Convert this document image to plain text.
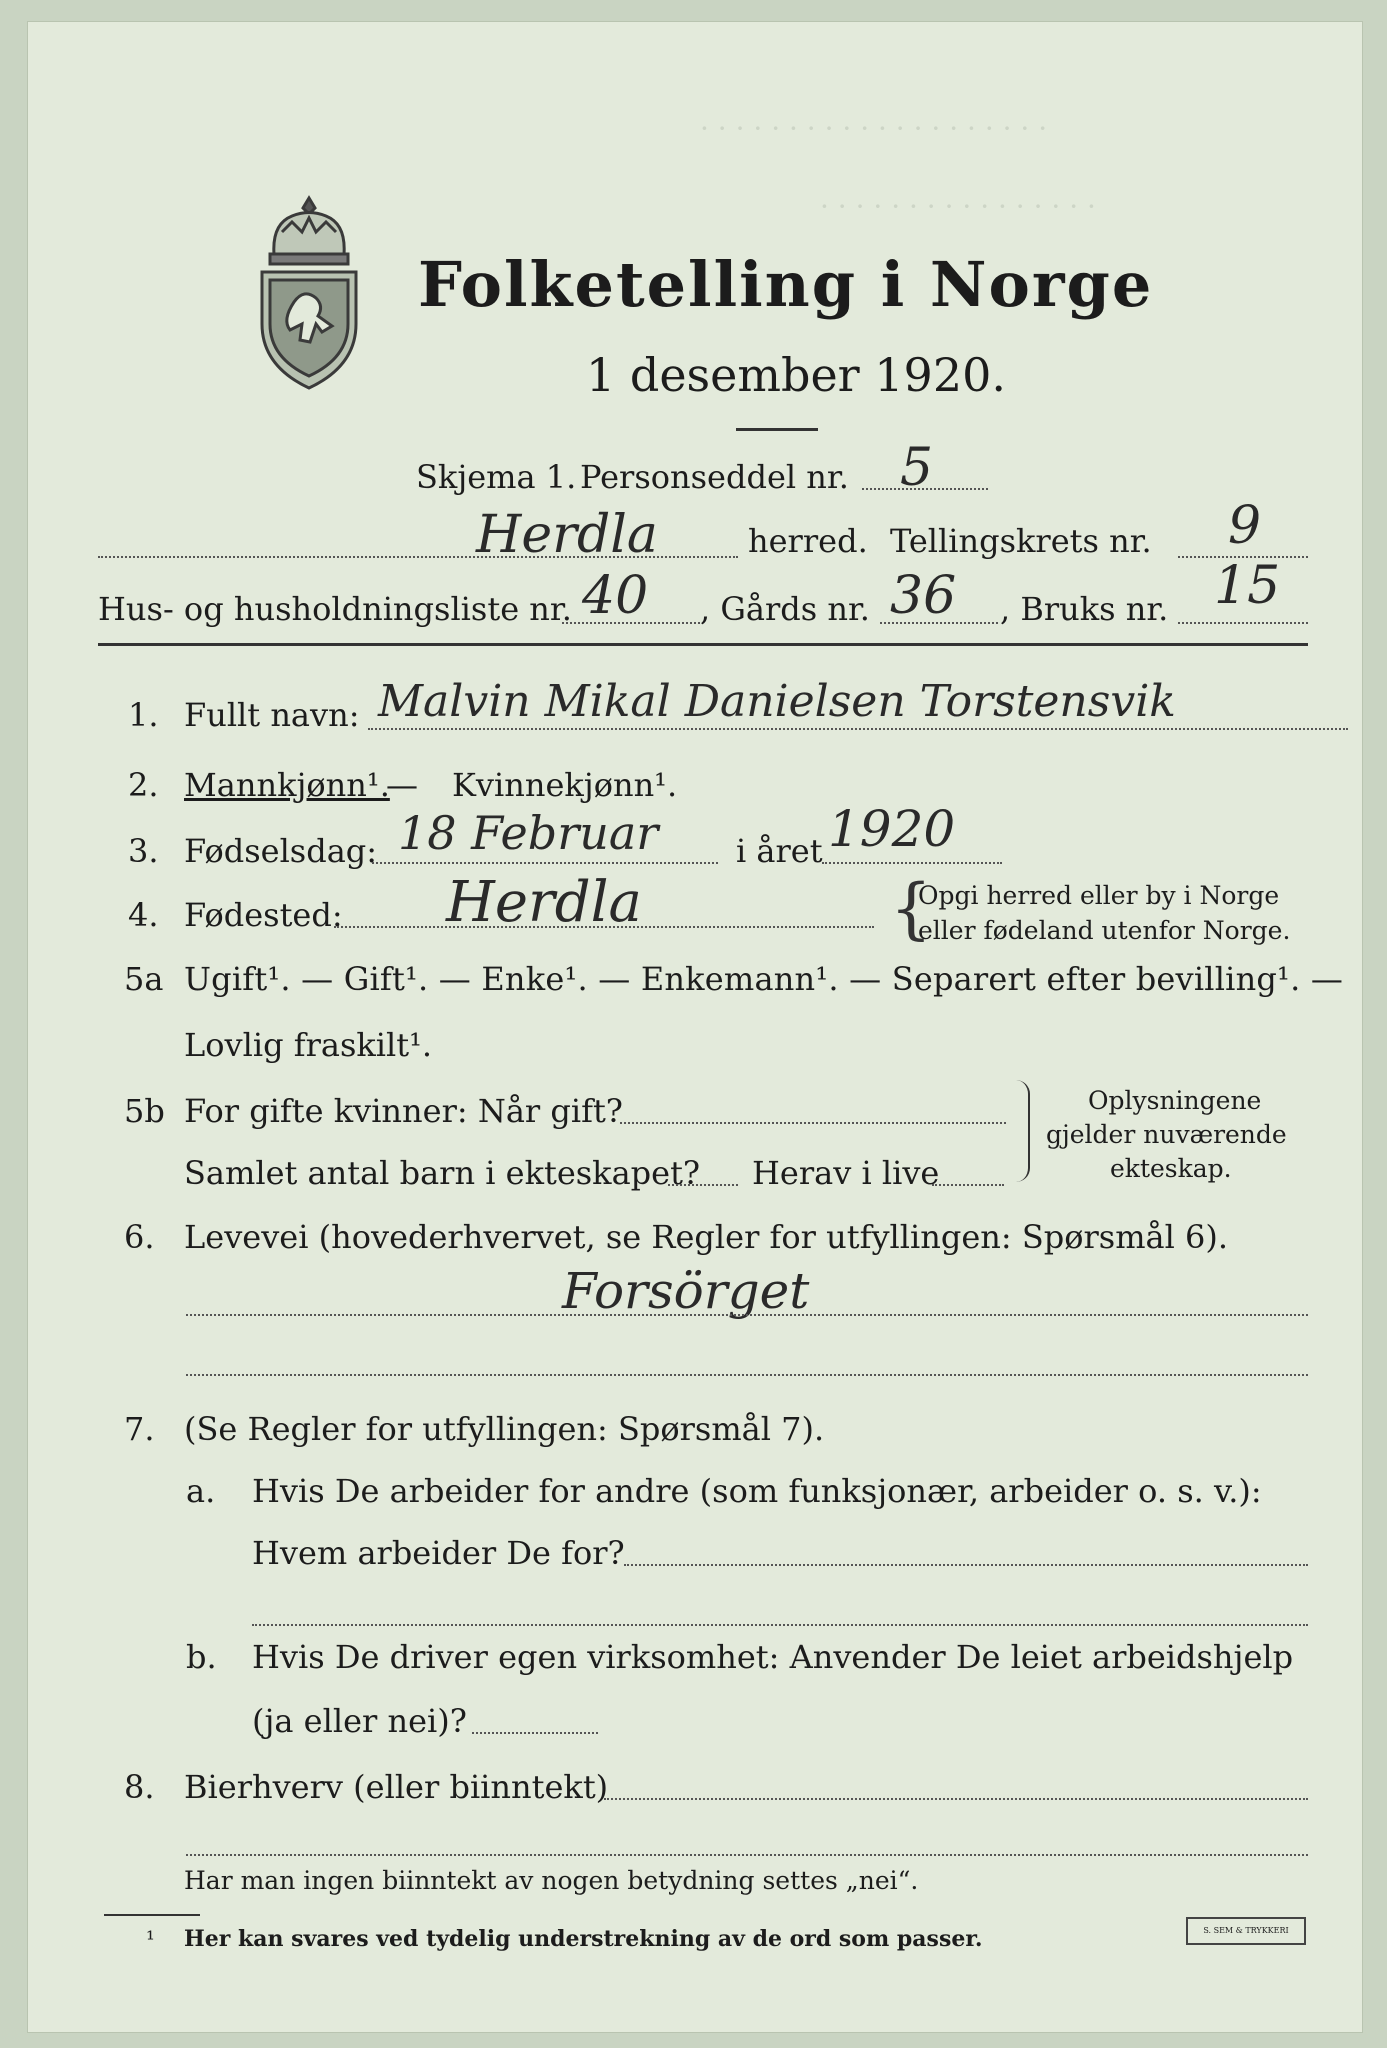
· · · · · · · · · · · · · · · · · · · ·
· · · · · · · · · · · · · · · ·
Folketelling i Norge
1 desember 1920.
Skjema 1. Personseddel nr. 5
Herdla	herred. Tellingskrets nr. 9
Hus- og husholdningsliste nr. 40 , Gårds nr. 36 , Bruks nr. 15
1. Fullt navn: Malvin Mikal Danielsen Torstensvik
2. Mannkjønn¹.
— Kvinnekjønn¹.
3. Fødselsdag: 18 Februar i året 1920
4. Fødested: Herdla	{
Opgi herred eller by i Norge
eller fødeland utenfor Norge.
5a Ugift¹. — Gift¹. — Enke¹. — Enkemann¹. — Separert efter bevilling¹. —
Lovlig fraskilt¹.
5b For gifte kvinner: Når gift?
Samlet antal barn i ekteskapet? Herav i live
Oplysningene
gjelder nuværende
ekteskap.
6. Levevei (hovederhvervet, se Regler for utfyllingen: Spørsmål 6).
Forsörget
7. (Se Regler for utfyllingen: Spørsmål 7).
a. Hvis De arbeider for andre (som funksjonær, arbeider o. s. v.):
Hvem arbeider De for?
b. Hvis De driver egen virksomhet: Anvender De leiet arbeidshjelp
(ja eller nei)?
8. Bierhverv (eller biinntekt)
Har man ingen biinntekt av nogen betydning settes „nei“.
¹ Her kan svares ved tydelig understrekning av de ord som passer.	S. SEM & TRYKKERI
